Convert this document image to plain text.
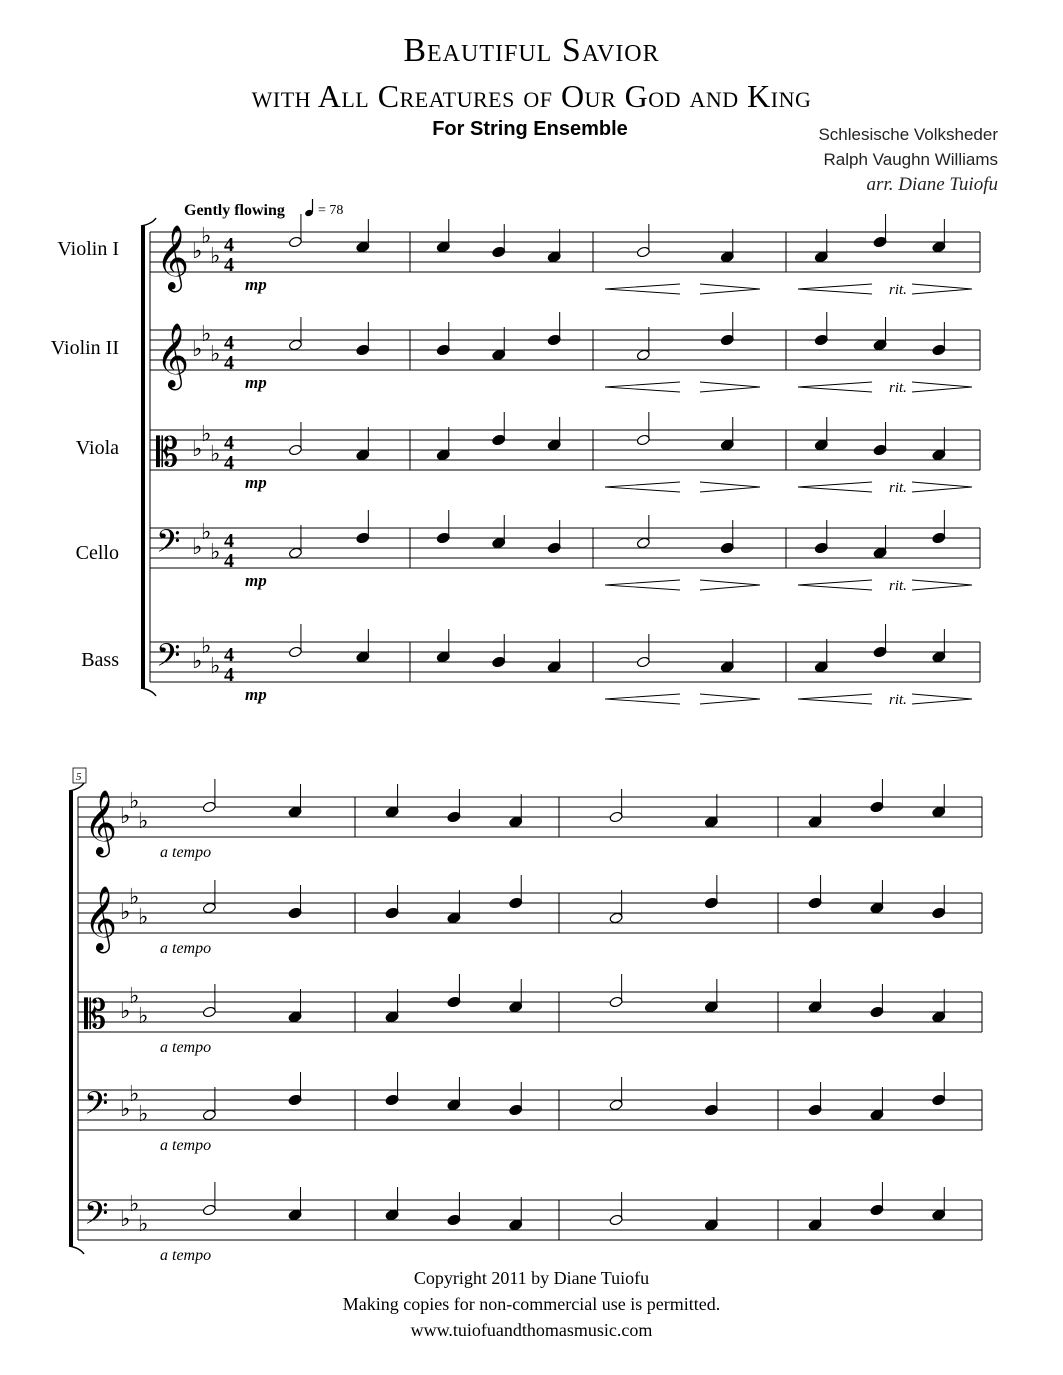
Beautiful Savior
with All Creatures of Our God and King
For String Ensemble	Schlesische Volksheder
Ralph Vaughn Williams
arr. Diane Tuiofu
Violin I
Violin II
Viola
Cello
Bass
Gently flowing = 78
5
𝄞 ♭
♭
♭ 4
4
mp	rit.
𝄞 ♭
♭
♭ 4
4
mp	rit.
𝄡 ♭
♭
♭ 4
4
mp	rit.
𝄢 ♭
♭
♭ 4
4
mp	rit.
𝄢 ♭
♭
♭ 4
4
mp	rit.
𝄞 ♭
♭
♭
a tempo
𝄞 ♭
♭
♭
a tempo
𝄡 ♭
♭
♭
a tempo
𝄢 ♭
♭
♭
a tempo
𝄢 ♭
♭
♭
a tempo
Copyright 2011 by Diane Tuiofu
Making copies for non-commercial use is permitted.
www.tuiofuandthomasmusic.com
